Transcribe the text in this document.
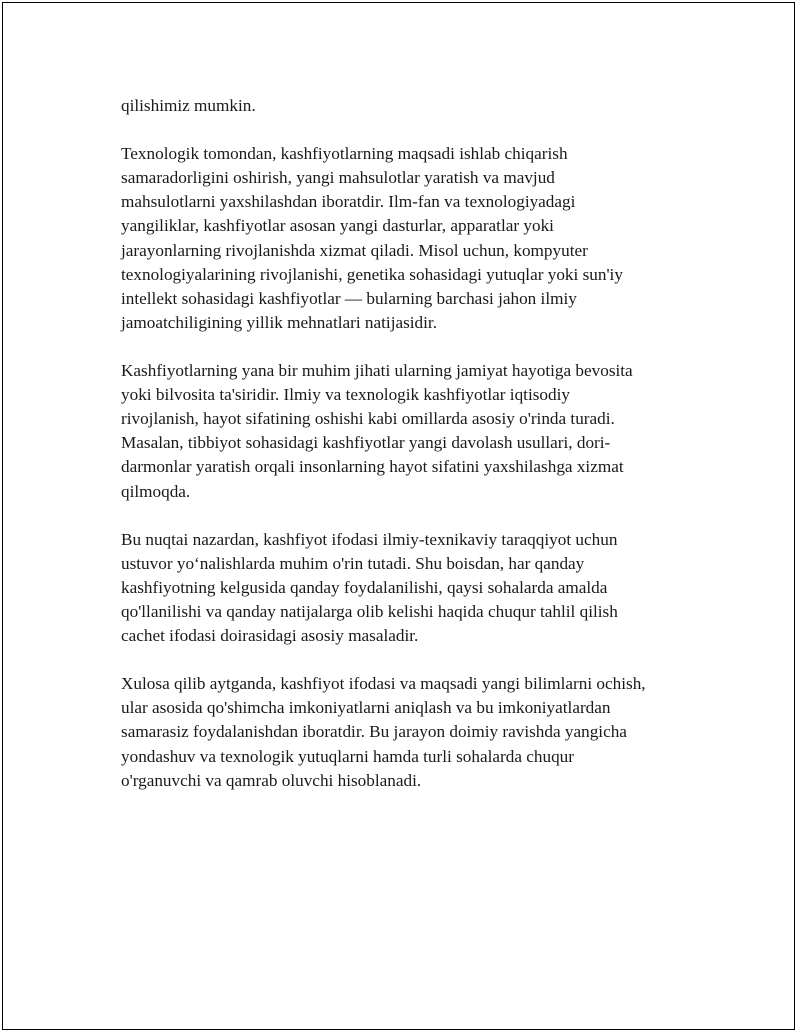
qilishimiz mumkin.

Texnologik tomondan, kashfiyotlarning maqsadi ishlab chiqarish
samaradorligini oshirish, yangi mahsulotlar yaratish va mavjud
mahsulotlarni yaxshilashdan iboratdir. Ilm-fan va texnologiyadagi
yangiliklar, kashfiyotlar asosan yangi dasturlar, apparatlar yoki
jarayonlarning rivojlanishda xizmat qiladi. Misol uchun, kompyuter
texnologiyalarining rivojlanishi, genetika sohasidagi yutuqlar yoki sun'iy
intellekt sohasidagi kashfiyotlar — bularning barchasi jahon ilmiy
jamoatchiligining yillik mehnatlari natijasidir.

Kashfiyotlarning yana bir muhim jihati ularning jamiyat hayotiga bevosita
yoki bilvosita ta'siridir. Ilmiy va texnologik kashfiyotlar iqtisodiy
rivojlanish, hayot sifatining oshishi kabi omillarda asosiy o'rinda turadi.
Masalan, tibbiyot sohasidagi kashfiyotlar yangi davolash usullari, dori-
darmonlar yaratish orqali insonlarning hayot sifatini yaxshilashga xizmat
qilmoqda.

Bu nuqtai nazardan, kashfiyot ifodasi ilmiy-texnikaviy taraqqiyot uchun
ustuvor yo‘nalishlarda muhim o'rin tutadi. Shu boisdan, har qanday
kashfiyotning kelgusida qanday foydalanilishi, qaysi sohalarda amalda
qo'llanilishi va qanday natijalarga olib kelishi haqida chuqur tahlil qilish
cachet ifodasi doirasidagi asosiy masaladir.

Xulosa qilib aytganda, kashfiyot ifodasi va maqsadi yangi bilimlarni ochish,
ular asosida qo'shimcha imkoniyatlarni aniqlash va bu imkoniyatlardan
samarasiz foydalanishdan iboratdir. Bu jarayon doimiy ravishda yangicha
yondashuv va texnologik yutuqlarni hamda turli sohalarda chuqur
o'rganuvchi va qamrab oluvchi hisoblanadi.
